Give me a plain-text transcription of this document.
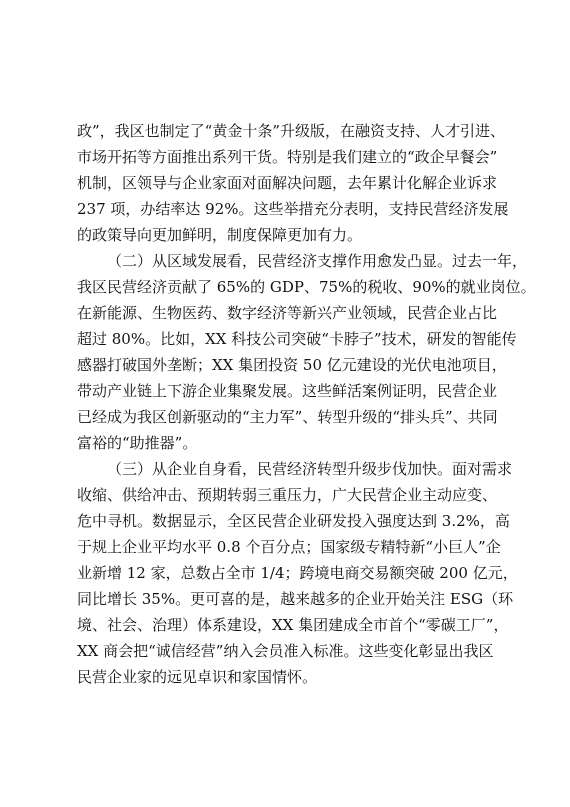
政”，我区也制定了“黄金十条”升级版，在融资支持、人才引进、
市场开拓等方面推出系列干货。特别是我们建立的“政企早餐会”
机制，区领导与企业家面对面解决问题，去年累计化解企业诉求
237 项，办结率达 92%。这些举措充分表明，支持民营经济发展
的政策导向更加鲜明，制度保障更加有力。
（二）从区域发展看，民营经济支撑作用愈发凸显。过去一年，
我区民营经济贡献了 65%的 GDP、75%的税收、90%的就业岗位。
在新能源、生物医药、数字经济等新兴产业领域，民营企业占比
超过 80%。比如，XX 科技公司突破“卡脖子”技术，研发的智能传
感器打破国外垄断；XX 集团投资 50 亿元建设的光伏电池项目，
带动产业链上下游企业集聚发展。这些鲜活案例证明，民营企业
已经成为我区创新驱动的“主力军”、转型升级的“排头兵”、共同
富裕的“助推器”。
（三）从企业自身看，民营经济转型升级步伐加快。面对需求
收缩、供给冲击、预期转弱三重压力，广大民营企业主动应变、
危中寻机。数据显示，全区民营企业研发投入强度达到 3.2%，高
于规上企业平均水平 0.8 个百分点；国家级专精特新“小巨人”企
业新增 12 家，总数占全市 1/4；跨境电商交易额突破 200 亿元，
同比增长 35%。更可喜的是，越来越多的企业开始关注 ESG（环
境、社会、治理）体系建设，XX 集团建成全市首个“零碳工厂”，
XX 商会把“诚信经营”纳入会员准入标准。这些变化彰显出我区
民营企业家的远见卓识和家国情怀。
